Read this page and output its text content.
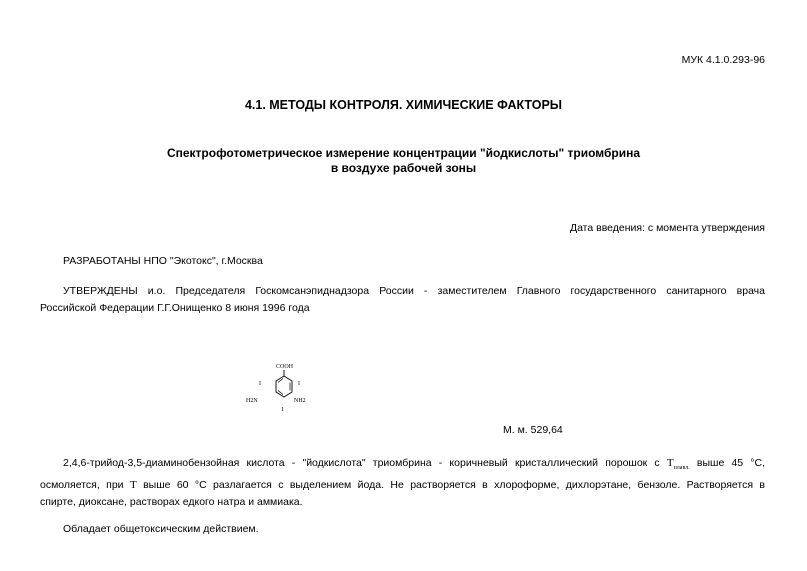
МУК 4.1.0.293-96
4.1. МЕТОДЫ КОНТРОЛЯ. ХИМИЧЕСКИЕ ФАКТОРЫ
Спектрофотометрическое измерение концентрации "йодкислоты" триомбрина
в воздухе рабочей зоны
Дата введения: с момента утверждения
РАЗРАБОТАНЫ НПО "Экотокс", г.Москва
УТВЕРЖДЕНЫ и.о. Председателя Госкомсанэпиднадзора России - заместителем Главного государственного санитарного врача
Российской Федерации Г.Г.Онищенко 8 июня 1996 года
COOH
I	I
H2N	NH2
I
М. м. 529,64
2,4,6-трийод-3,5-диаминобензойная кислота - "йодкислота" триомбрина - коричневый кристаллический порошок с $T_{плавл.}$ выше 45 °С,
осмоляется, при T выше 60 °С разлагается с выделением йода. Не растворяется в хлороформе, дихлорэтане, бензоле. Растворяется в
спирте, диоксане, растворах едкого натра и аммиака.
Обладает общетоксическим действием.
